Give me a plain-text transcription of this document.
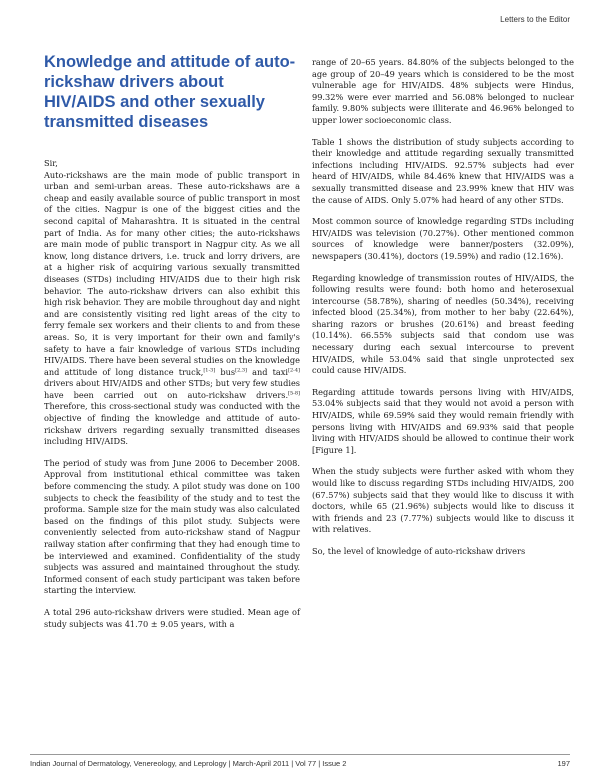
Letters to the Editor
Knowledge and attitude of auto-rickshaw drivers about HIV/AIDS and other sexually transmitted diseases

Sir,

Auto-rickshaws are the main mode of public transport in urban and semi-urban areas. These auto-rickshaws are a cheap and easily available source of public transport in most of the cities. Nagpur is one of the biggest cities and the second capital of Maharashtra. It is situated in the central part of India. As for many other cities; the auto-rickshaws are main mode of public transport in Nagpur city. As we all know, long distance drivers, i.e. truck and lorry drivers, are at a higher risk of acquiring various sexually transmitted diseases (STDs) including HIV/AIDS due to their high risk behavior. The auto-rickshaw drivers can also exhibit this high risk behavior. They are mobile throughout day and night and are consistently visiting red light areas of the city to ferry female sex workers and their clients to and from these areas. So, it is very important for their own and family's safety to have a fair knowledge of various STDs including HIV/AIDS. There have been several studies on the knowledge and attitude of long distance truck,[1-3] bus[2,3] and taxi[2-4] drivers about HIV/AIDS and other STDs; but very few studies have been carried out on auto-rickshaw drivers.[5-8] Therefore, this cross-sectional study was conducted with the objective of finding the knowledge and attitude of auto-rickshaw drivers regarding sexually transmitted diseases including HIV/AIDS.

The period of study was from June 2006 to December 2008. Approval from institutional ethical committee was taken before commencing the study. A pilot study was done on 100 subjects to check the feasibility of the study and to test the proforma. Sample size for the main study was also calculated based on the findings of this pilot study. Subjects were conveniently selected from auto-rickshaw stand of Nagpur railway station after confirming that they had enough time to be interviewed and examined. Confidentiality of the study subjects was assured and maintained throughout the study. Informed consent of each study participant was taken before starting the interview.

A total 296 auto-rickshaw drivers were studied. Mean age of study subjects was 41.70 ± 9.05 years, with a

range of 20–65 years. 84.80% of the subjects belonged to the age group of 20–49 years which is considered to be the most vulnerable age for HIV/AIDS. 48% subjects were Hindus, 99.32% were ever married and 56.08% belonged to nuclear family. 9.80% subjects were illiterate and 46.96% belonged to upper lower socioeconomic class.

Table 1 shows the distribution of study subjects according to their knowledge and attitude regarding sexually transmitted infections including HIV/AIDS. 92.57% subjects had ever heard of HIV/AIDS, while 84.46% knew that HIV/AIDS was a sexually transmitted disease and 23.99% knew that HIV was the cause of AIDS. Only 5.07% had heard of any other STDs.

Most common source of knowledge regarding STDs including HIV/AIDS was television (70.27%). Other mentioned common sources of knowledge were banner/posters (32.09%), newspapers (30.41%), doctors (19.59%) and radio (12.16%).

Regarding knowledge of transmission routes of HIV/AIDS, the following results were found: both homo and heterosexual intercourse (58.78%), sharing of needles (50.34%), receiving infected blood (25.34%), from mother to her baby (22.64%), sharing razors or brushes (20.61%) and breast feeding (10.14%). 66.55% subjects said that condom use was necessary during each sexual intercourse to prevent HIV/AIDS, while 53.04% said that single unprotected sex could cause HIV/AIDS.

Regarding attitude towards persons living with HIV/AIDS, 53.04% subjects said that they would not avoid a person with HIV/AIDS, while 69.59% said they would remain friendly with persons living with HIV/AIDS and 69.93% said that people living with HIV/AIDS should be allowed to continue their work [Figure 1].

When the study subjects were further asked with whom they would like to discuss regarding STDs including HIV/AIDS, 200 (67.57%) subjects said that they would like to discuss it with doctors, while 65 (21.96%) subjects would like to discuss it with friends and 23 (7.77%) subjects would like to discuss it with relatives.

So, the level of knowledge of auto-rickshaw drivers

Indian Journal of Dermatology, Venereology, and Leprology | March-April 2011 | Vol 77 | Issue 2	197
